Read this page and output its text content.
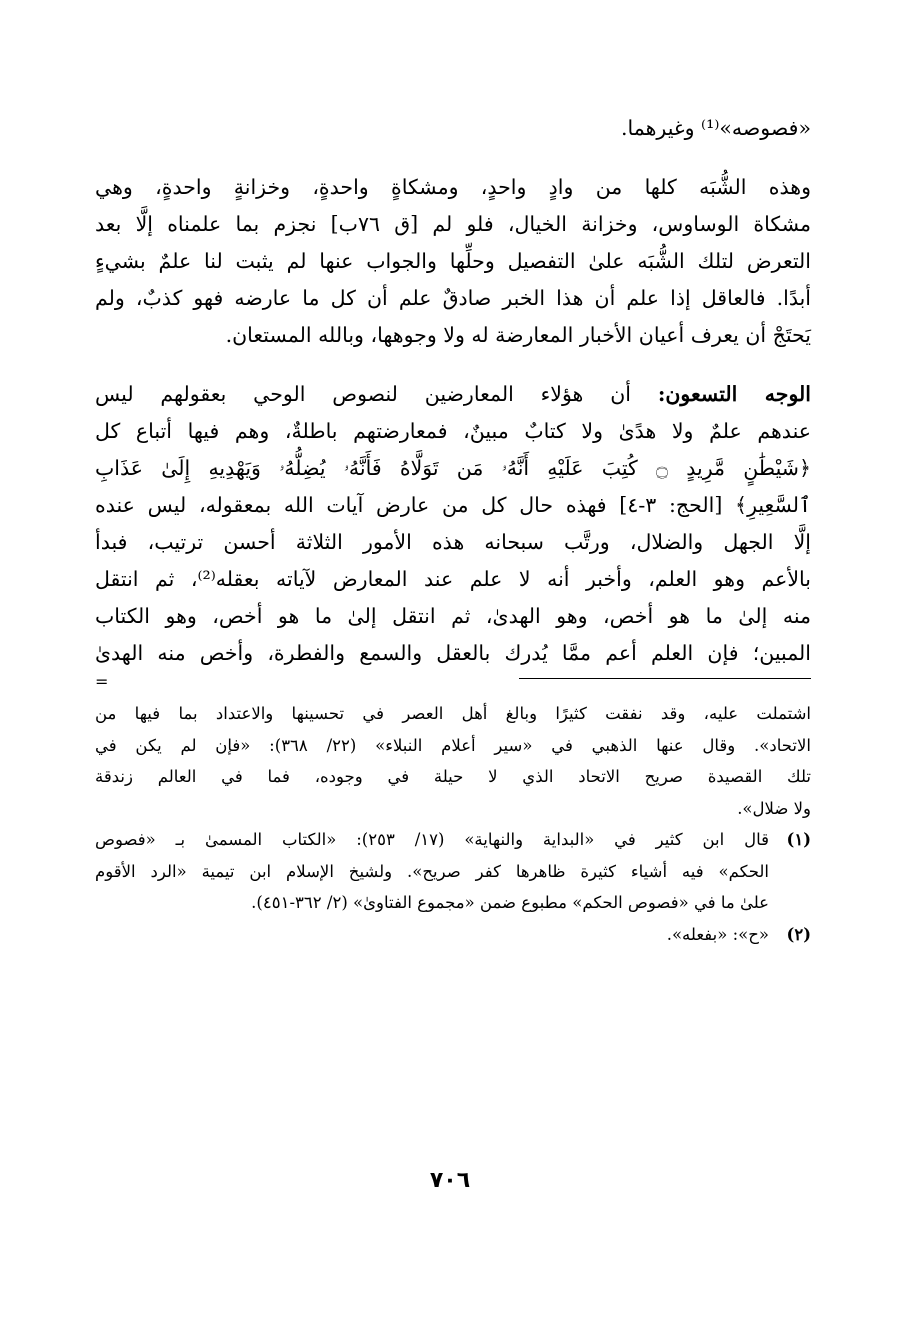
«فصوصه»⁽¹⁾ وغيرهما.
وهذه الشُّبَه كلها من وادٍ واحدٍ، ومشكاةٍ واحدةٍ، وخزانةٍ واحدةٍ، وهي
مشكاة الوساوس، وخزانة الخيال، فلو لم [ق ٧٦ب] نجزم بما علمناه إلَّا بعد
التعرض لتلك الشُّبَه علىٰ التفصيل وحلِّها والجواب عنها لم يثبت لنا علمٌ بشيءٍ
أبدًا. فالعاقل إذا علم أن هذا الخبر صادقٌ علم أن كل ما عارضه فهو كذبٌ، ولم
يَحتَجْ أن يعرف أعيان الأخبار المعارضة له ولا وجوهها، وبالله المستعان.
الوجه التسعون: أن هؤلاء المعارضين لنصوص الوحي بعقولهم ليس
عندهم علمٌ ولا هدًىٰ ولا كتابٌ مبينٌ، فمعارضتهم باطلةٌ، وهم فيها أتباع كل
﴿شَيْطَٰنٍ مَّرِيدٍ ۝ كُتِبَ عَلَيْهِ أَنَّهُۥ مَن تَوَلَّاهُ فَأَنَّهُۥ يُضِلُّهُۥ وَيَهْدِيهِ إِلَىٰ عَذَابِ
ٱلسَّعِيرِ﴾ [الحج: ٣-٤] فهذه حال كل من عارض آيات الله بمعقوله، ليس عنده
إلَّا الجهل والضلال، ورتَّب سبحانه هذه الأمور الثلاثة أحسن ترتيب، فبدأ
بالأعم وهو العلم، وأخبر أنه لا علم عند المعارض لآياته بعقله⁽²⁾، ثم انتقل
منه إلىٰ ما هو أخص، وهو الهدىٰ، ثم انتقل إلىٰ ما هو أخص، وهو الكتاب
المبين؛ فإن العلم أعم ممَّا يُدرك بالعقل والسمع والفطرة، وأخص منه الهدىٰ
=
اشتملت عليه، وقد نفقت كثيرًا وبالغ أهل العصر في تحسينها والاعتداد بما فيها من
الاتحاد». وقال عنها الذهبي في «سير أعلام النبلاء» (٢٢/ ٣٦٨): «فإن لم يكن في
تلك القصيدة صريح الاتحاد الذي لا حيلة في وجوده، فما في العالم زندقة
ولا ضلال».
(١)قال ابن كثير في «البداية والنهاية» (١٧/ ٢٥٣): «الكتاب المسمىٰ بـ «فصوص
الحكم» فيه أشياء كثيرة ظاهرها كفر صريح». ولشيخ الإسلام ابن تيمية «الرد الأقوم
علىٰ ما في «فصوص الحكم» مطبوع ضمن «مجموع الفتاوىٰ» (٢/ ٣٦٢-٤٥١).
(٢)«ح»: «بفعله».
٧٠٦
